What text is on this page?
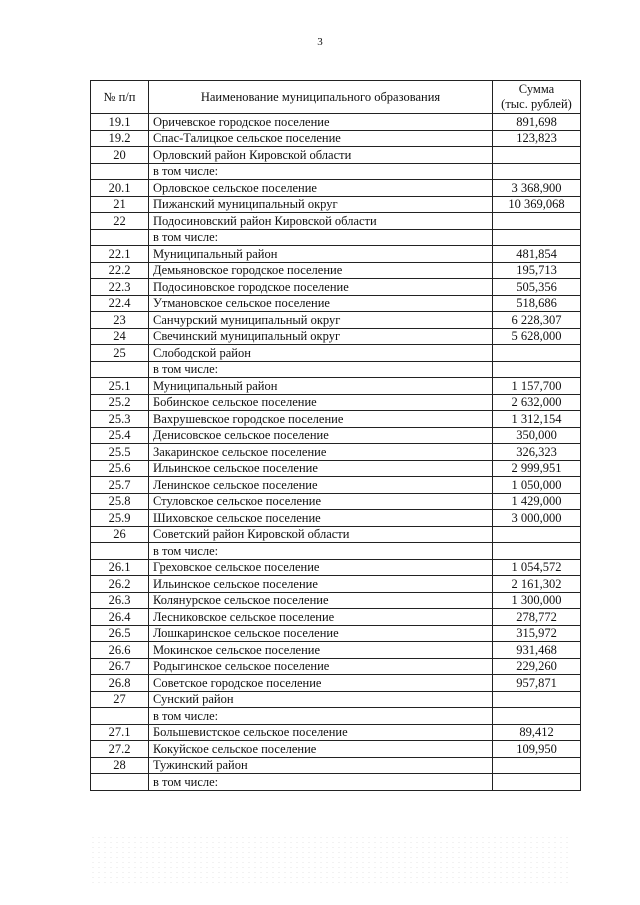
3
№ п/п	Наименование муниципального образования	Сумма
(тыс. рублей)
19.1	Оричевское городское поселение	891,698
19.2	Спас-Талицкое сельское поселение	123,823
20	Орловский район Кировской области	
	в том числе:	
20.1	Орловское сельское поселение	3 368,900
21	Пижанский муниципальный округ	10 369,068
22	Подосиновский район Кировской области	
	в том числе:	
22.1	Муниципальный район	481,854
22.2	Демьяновское городское поселение	195,713
22.3	Подосиновское городское поселение	505,356
22.4	Утмановское сельское поселение	518,686
23	Санчурский муниципальный округ	6 228,307
24	Свечинский муниципальный округ	5 628,000
25	Слободской район	
	в том числе:	
25.1	Муниципальный район	1 157,700
25.2	Бобинское сельское поселение	2 632,000
25.3	Вахрушевское городское поселение	1 312,154
25.4	Денисовское сельское поселение	350,000
25.5	Закаринское сельское поселение	326,323
25.6	Ильинское сельское поселение	2 999,951
25.7	Ленинское сельское поселение	1 050,000
25.8	Стуловское сельское поселение	1 429,000
25.9	Шиховское сельское поселение	3 000,000
26	Советский район Кировской области	
	в том числе:	
26.1	Греховское сельское поселение	1 054,572
26.2	Ильинское сельское поселение	2 161,302
26.3	Колянурское сельское поселение	1 300,000
26.4	Лесниковское сельское поселение	278,772
26.5	Лошкаринское сельское поселение	315,972
26.6	Мокинское сельское поселение	931,468
26.7	Родыгинское сельское поселение	229,260
26.8	Советское городское поселение	957,871
27	Сунский район	
	в том числе:	
27.1	Большевистское сельское поселение	89,412
27.2	Кокуйское сельское поселение	109,950
28	Тужинский район	
	в том числе:	
